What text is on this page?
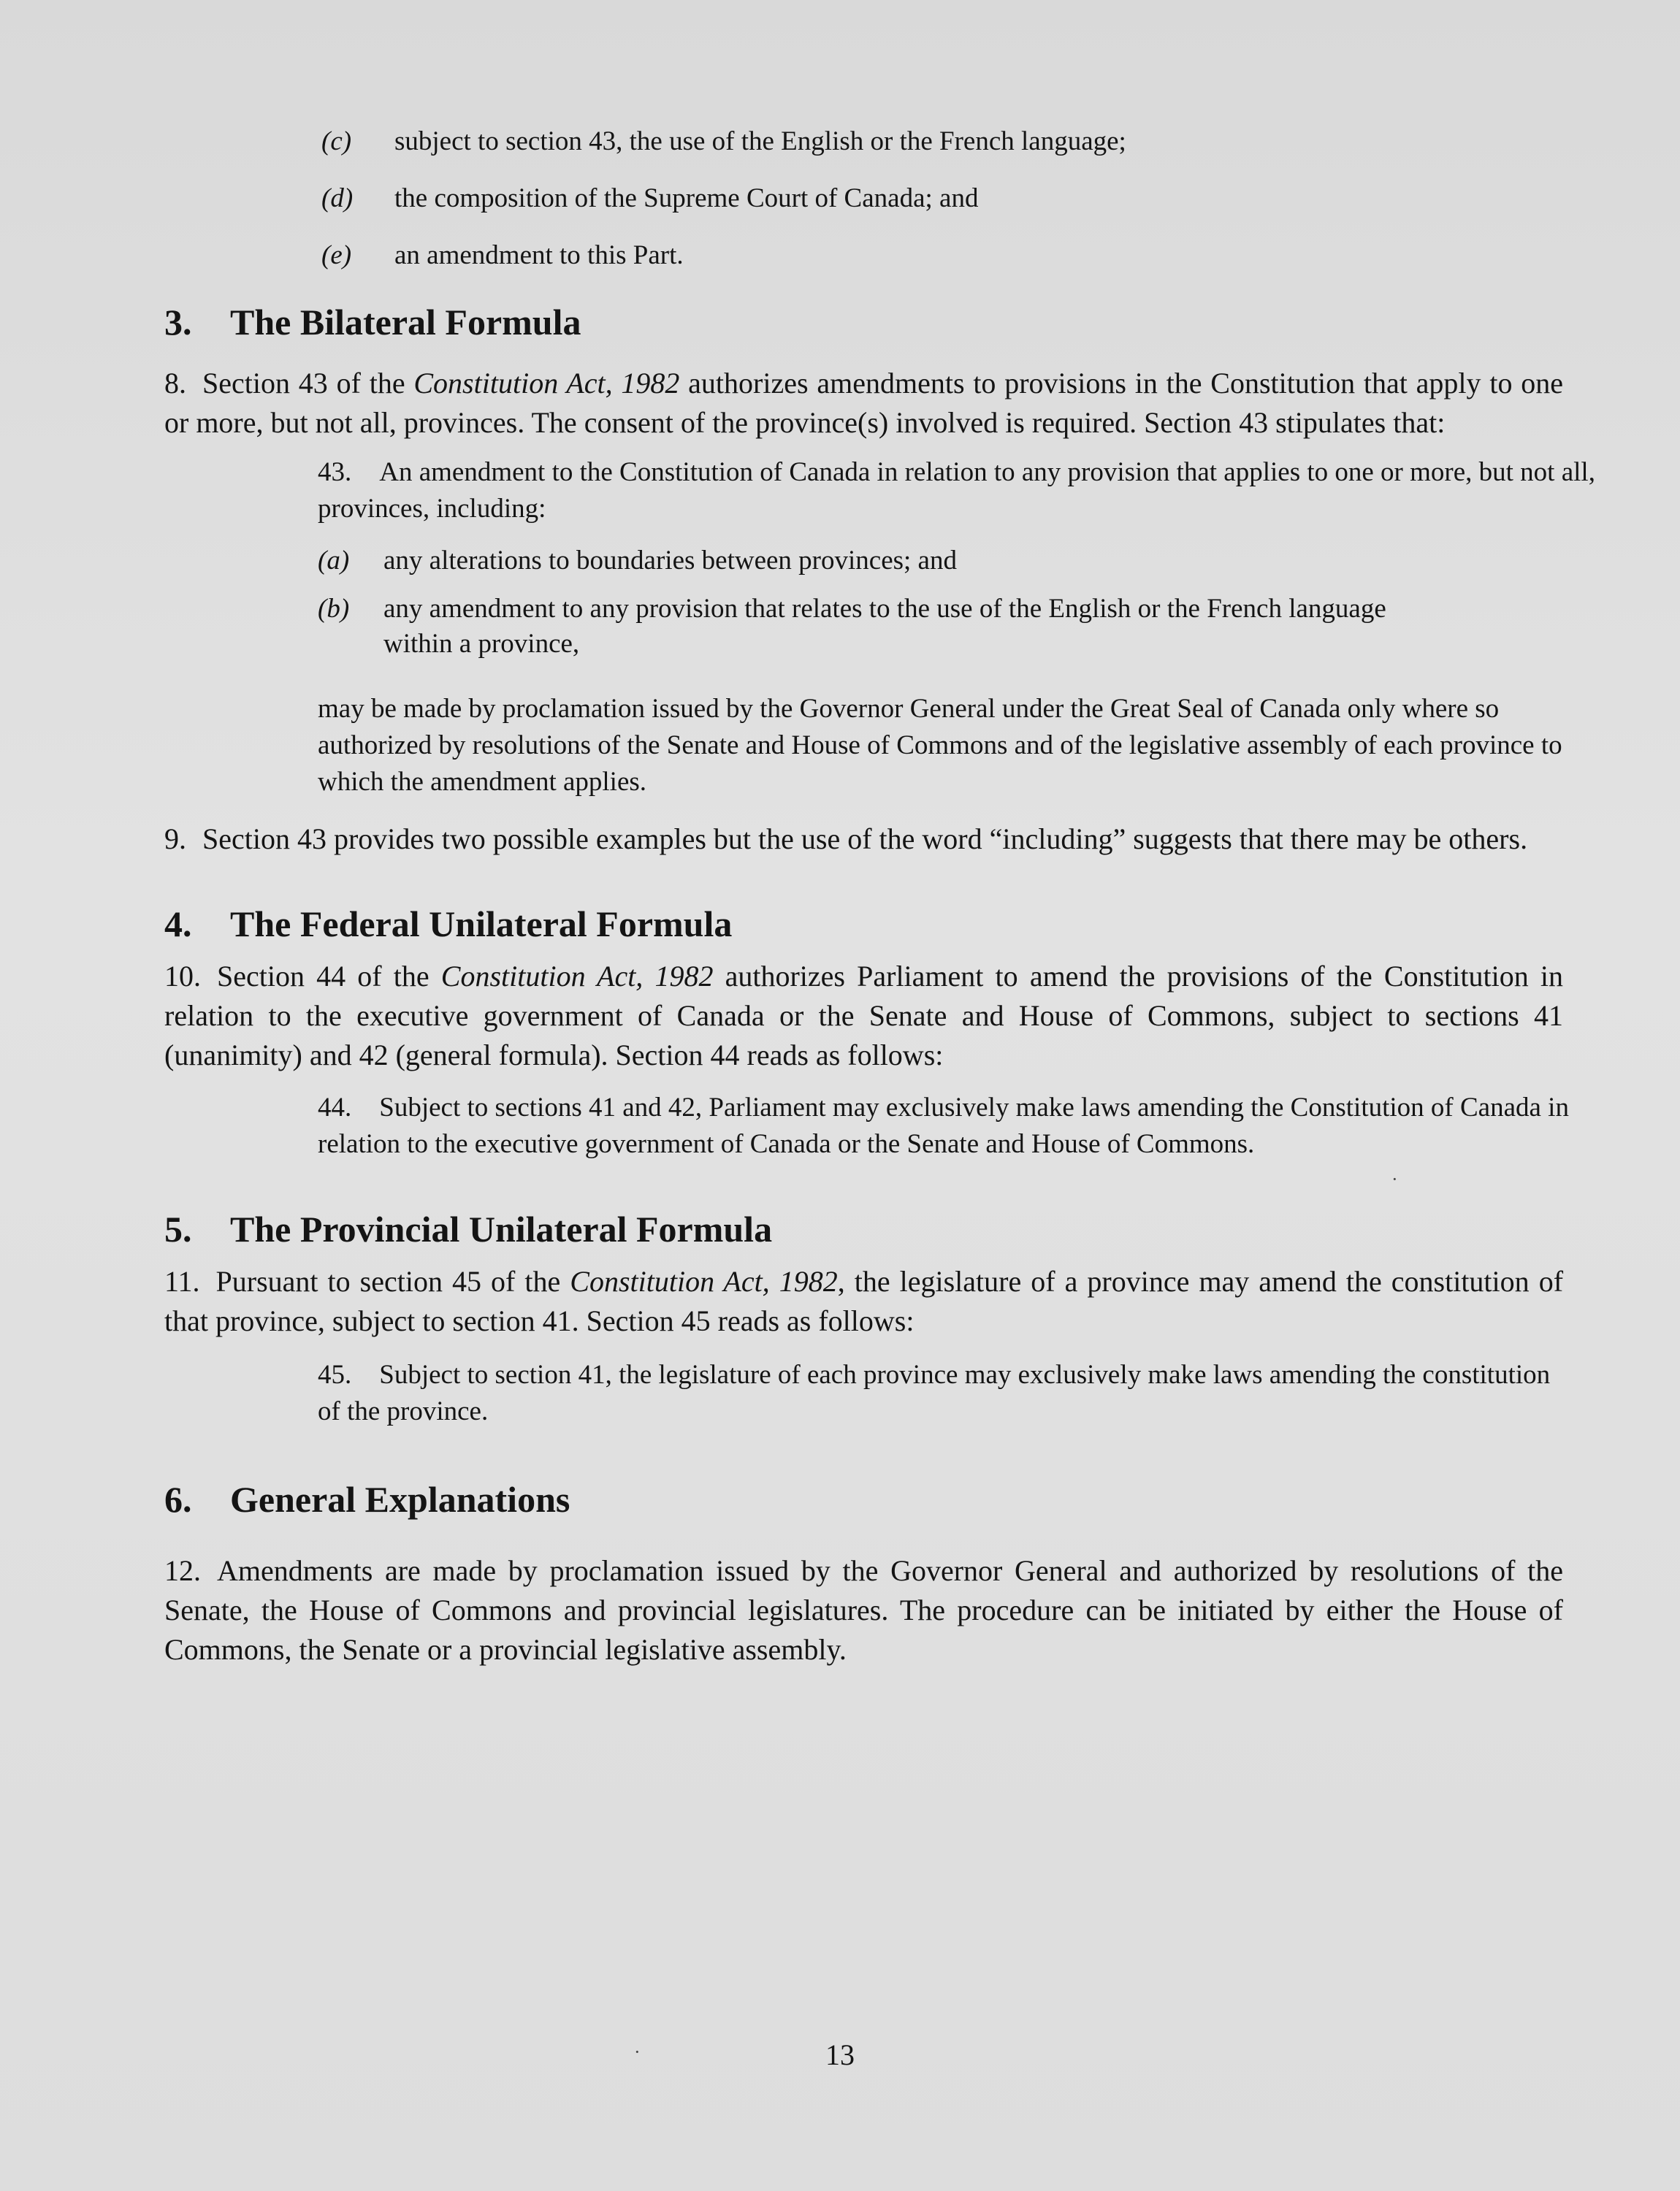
(c)	subject to section 43, the use of the English or the French language;
(d)	the composition of the Supreme Court of Canada; and
(e)	an amendment to this Part.
3.	The Bilateral Formula

8. Section 43 of the Constitution Act, 1982 authorizes amendments to provisions in the Constitution that apply to one or more, but not all, provinces. The consent of the province(s) involved is required. Section 43 stipulates that:

43. An amendment to the Constitution of Canada in relation to any provision that applies to one or more, but not all, provinces, including:

(a)	any alterations to boundaries between provinces; and
(b)	any amendment to any provision that relates to the use of the English or the French language within a province,

may be made by proclamation issued by the Governor General under the Great Seal of Canada only where so authorized by resolutions of the Senate and House of Commons and of the legislative assembly of each province to which the amendment applies.

9. Section 43 provides two possible examples but the use of the word “including” suggests that there may be others.

4.	The Federal Unilateral Formula

10. Section 44 of the Constitution Act, 1982 authorizes Parliament to amend the provisions of the Constitution in relation to the executive government of Canada or the Senate and House of Commons, subject to sections 41 (unanimity) and 42 (general formula). Section 44 reads as follows:

44. Subject to sections 41 and 42, Parliament may exclusively make laws amending the Constitution of Canada in relation to the executive government of Canada or the Senate and House of Commons.

5.	The Provincial Unilateral Formula

11. Pursuant to section 45 of the Constitution Act, 1982, the legislature of a province may amend the constitution of that province, subject to section 41. Section 45 reads as follows:

45. Subject to section 41, the legislature of each province may exclusively make laws amending the constitution of the province.

6.	General Explanations

12. Amendments are made by proclamation issued by the Governor General and authorized by resolutions of the Senate, the House of Commons and provincial legislatures. The procedure can be initiated by either the House of Commons, the Senate or a provincial legislative assembly.

·
·	13
